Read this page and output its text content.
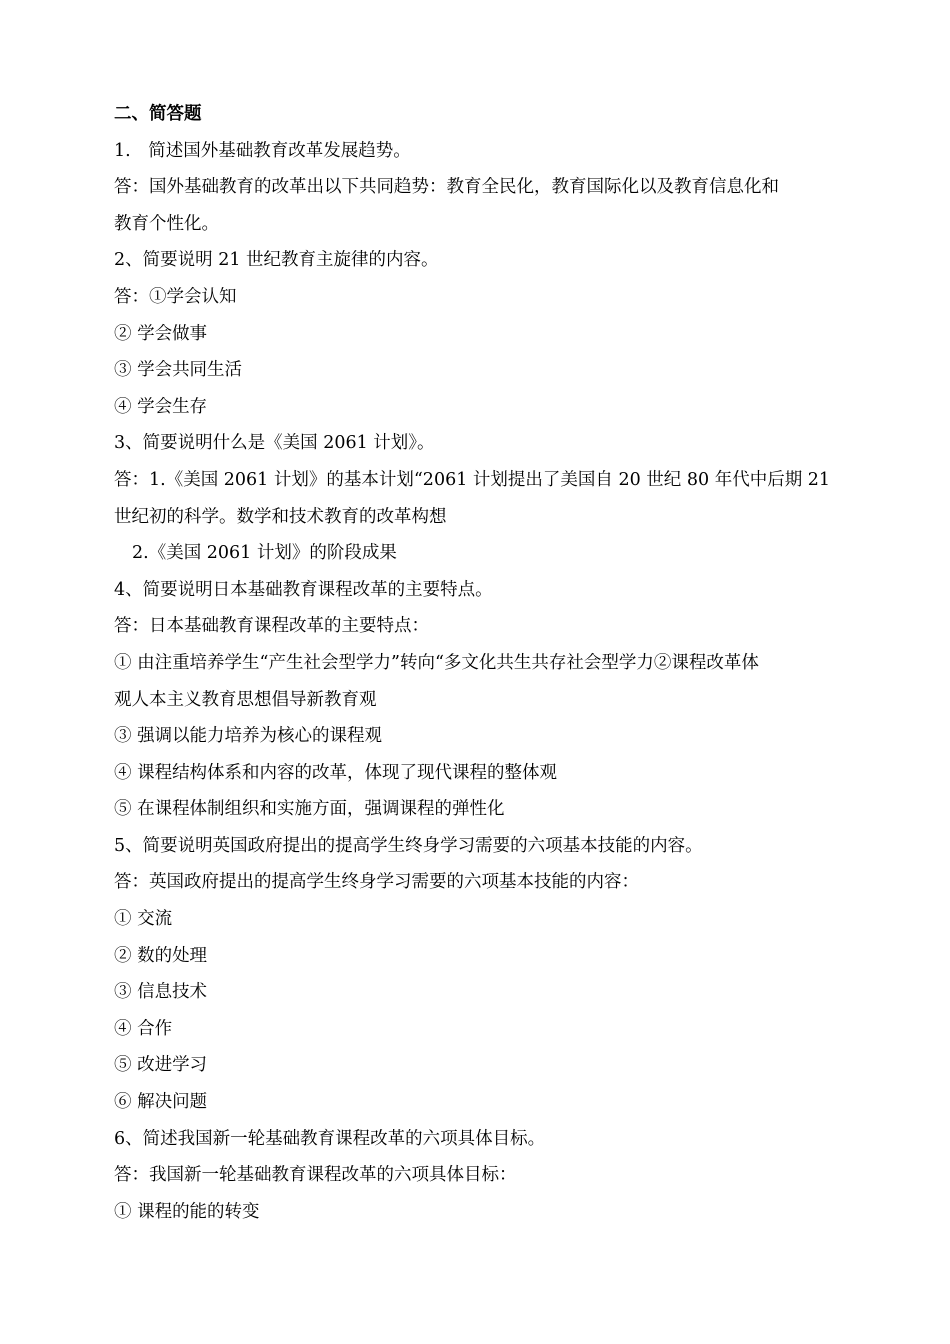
二、简答题
1.　简述国外基础教育改革发展趋势。
答：国外基础教育的改革出以下共同趋势：教育全民化，教育国际化以及教育信息化和
教育个性化。
2、简要说明 21 世纪教育主旋律的内容。
答：①学会认知
② 学会做事
③ 学会共同生活
④ 学会生存
3、简要说明什么是《美国 2061 计划》。
答：1.《美国 2061 计划》的基本计划“2061 计划提出了美国自 20 世纪 80 年代中后期 21
世纪初的科学。数学和技术教育的改革构想
2.《美国 2061 计划》的阶段成果
4、简要说明日本基础教育课程改革的主要特点。
答：日本基础教育课程改革的主要特点：
① 由注重培养学生“产生社会型学力”转向“多文化共生共存社会型学力②课程改革体
观人本主义教育思想倡导新教育观
③ 强调以能力培养为核心的课程观
④ 课程结构体系和内容的改革，体现了现代课程的整体观
⑤ 在课程体制组织和实施方面，强调课程的弹性化
5、简要说明英国政府提出的提高学生终身学习需要的六项基本技能的内容。
答：英国政府提出的提高学生终身学习需要的六项基本技能的内容：
① 交流
② 数的处理
③ 信息技术
④ 合作
⑤ 改进学习
⑥ 解决问题
6、简述我国新一轮基础教育课程改革的六项具体目标。
答：我国新一轮基础教育课程改革的六项具体目标：
① 课程的能的转变
